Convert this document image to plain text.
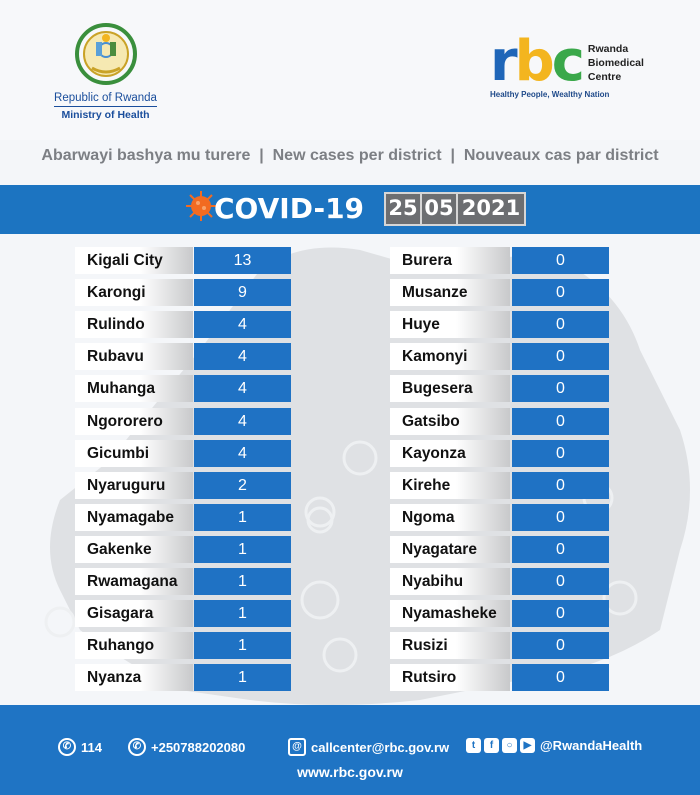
Republic of Rwanda
Ministry of Health
rbc Rwanda
Biomedical
Centre
Healthy People, Wealthy Nation
Abarwayi bashya mu turere  |  New cases per district  |  Nouveaux cas par district
COVID-19 25 05 2021
Kigali City	13
Karongi	9
Rulindo	4
Rubavu	4
Muhanga	4
Ngororero	4
Gicumbi	4
Nyaruguru	2
Nyamagabe	1
Gakenke	1
Rwamagana	1
Gisagara	1
Ruhango	1
Nyanza	1
Burera	0
Musanze	0
Huye	0
Kamonyi	0
Bugesera	0
Gatsibo	0
Kayonza	0
Kirehe	0
Ngoma	0
Nyagatare	0
Nyabihu	0
Nyamasheke	0
Rusizi	0
Rutsiro	0
✆ 114	✆ +250788202080	@ callcenter@rbc.gov.rw	t	f	○	▶ @RwandaHealth
www.rbc.gov.rw
